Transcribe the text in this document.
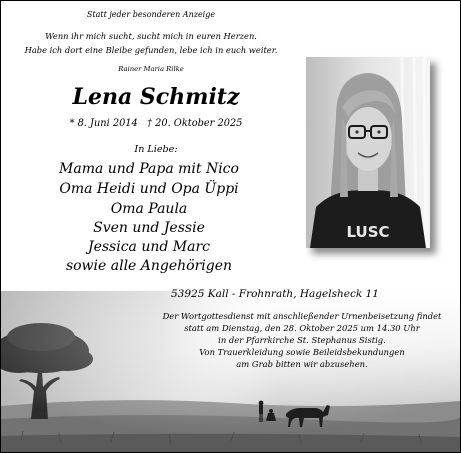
Statt jeder besonderen Anzeige
Wenn ihr mich sucht, sucht mich in euren Herzen.
Habe ich dort eine Bleibe gefunden, lebe ich in euch weiter.
Rainer Maria Rilke
Lena Schmitz
* 8. Juni 2014   † 20. Oktober 2025
In Liebe:
Mama und Papa mit Nico
Oma Heidi und Opa Üppi
Oma Paula
Sven und Jessie
Jessica und Marc
sowie alle Angehörigen
LUSC
53925 Kall - Frohnrath, Hagelsheck 11
Der Wortgottesdienst mit anschließender Urnenbeisetzung findet
statt am Dienstag, den 28. Oktober 2025 um 14.30 Uhr
in der Pfarrkirche St. Stephanus Sistig.
Von Trauerkleidung sowie Beileidsbekundungen
am Grab bitten wir abzusehen.
